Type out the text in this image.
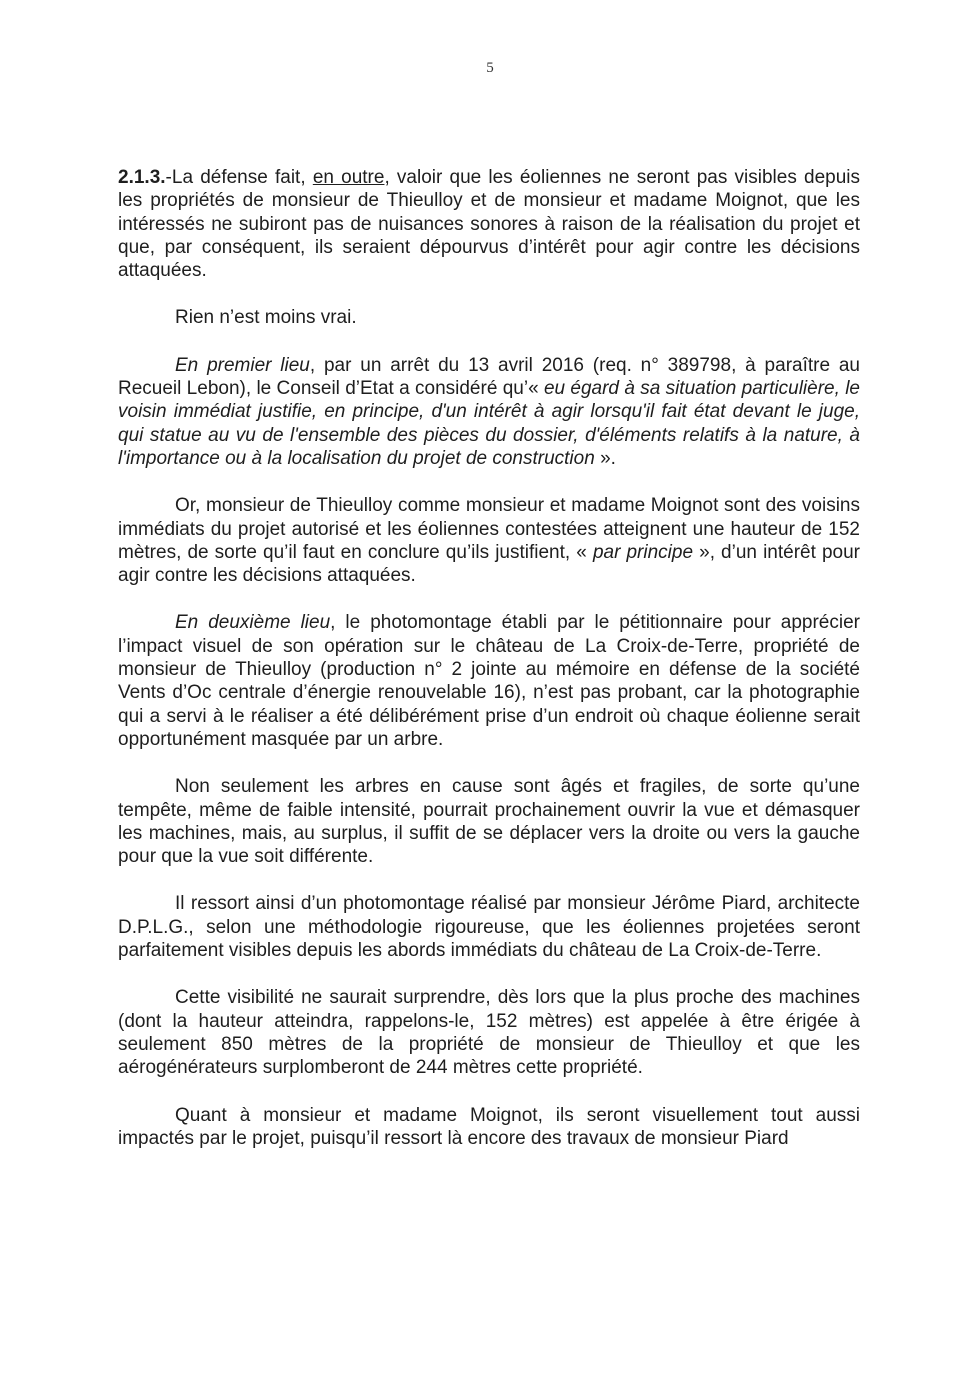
5

2.1.3.-La défense fait, en outre, valoir que les éoliennes ne seront pas visibles depuis les propriétés de monsieur de Thieulloy et de monsieur et madame Moignot, que les intéressés ne subiront pas de nuisances sonores à raison de la réalisation du projet et que, par conséquent, ils seraient dépourvus d’intérêt pour agir contre les décisions attaquées.

Rien n’est moins vrai.

En premier lieu, par un arrêt du 13 avril 2016 (req. n° 389798, à paraître au Recueil Lebon), le Conseil d’Etat a considéré qu’« eu égard à sa situation particulière, le voisin immédiat justifie, en principe, d'un intérêt à agir lorsqu'il fait état devant le juge, qui statue au vu de l'ensemble des pièces du dossier, d'éléments relatifs à la nature, à l'importance ou à la localisation du projet de construction ».

Or, monsieur de Thieulloy comme monsieur et madame Moignot sont des voisins immédiats du projet autorisé et les éoliennes contestées atteignent une hauteur de 152 mètres, de sorte qu’il faut en conclure qu’ils justifient, « par principe », d’un intérêt pour agir contre les décisions attaquées.

En deuxième lieu, le photomontage établi par le pétitionnaire pour apprécier l’impact visuel de son opération sur le château de La Croix-de-Terre, propriété de monsieur de Thieulloy (production n° 2 jointe au mémoire en défense de la société Vents d’Oc centrale d’énergie renouvelable 16), n’est pas probant, car la photographie qui a servi à le réaliser a été délibérément prise d’un endroit où chaque éolienne serait opportunément masquée par un arbre.

Non seulement les arbres en cause sont âgés et fragiles, de sorte qu’une tempête, même de faible intensité, pourrait prochainement ouvrir la vue et démasquer les machines, mais, au surplus, il suffit de se déplacer vers la droite ou vers la gauche pour que la vue soit différente.

Il ressort ainsi d’un photomontage réalisé par monsieur Jérôme Piard, architecte D.P.L.G., selon une méthodologie rigoureuse, que les éoliennes projetées seront parfaitement visibles depuis les abords immédiats du château de La Croix-de-Terre.

Cette visibilité ne saurait surprendre, dès lors que la plus proche des machines (dont la hauteur atteindra, rappelons-le, 152 mètres) est appelée à être érigée à seulement 850 mètres de la propriété de monsieur de Thieulloy et que les aérogénérateurs surplomberont de 244 mètres cette propriété.

Quant à monsieur et madame Moignot, ils seront visuellement tout aussi impactés par le projet, puisqu’il ressort là encore des travaux de monsieur Piard
